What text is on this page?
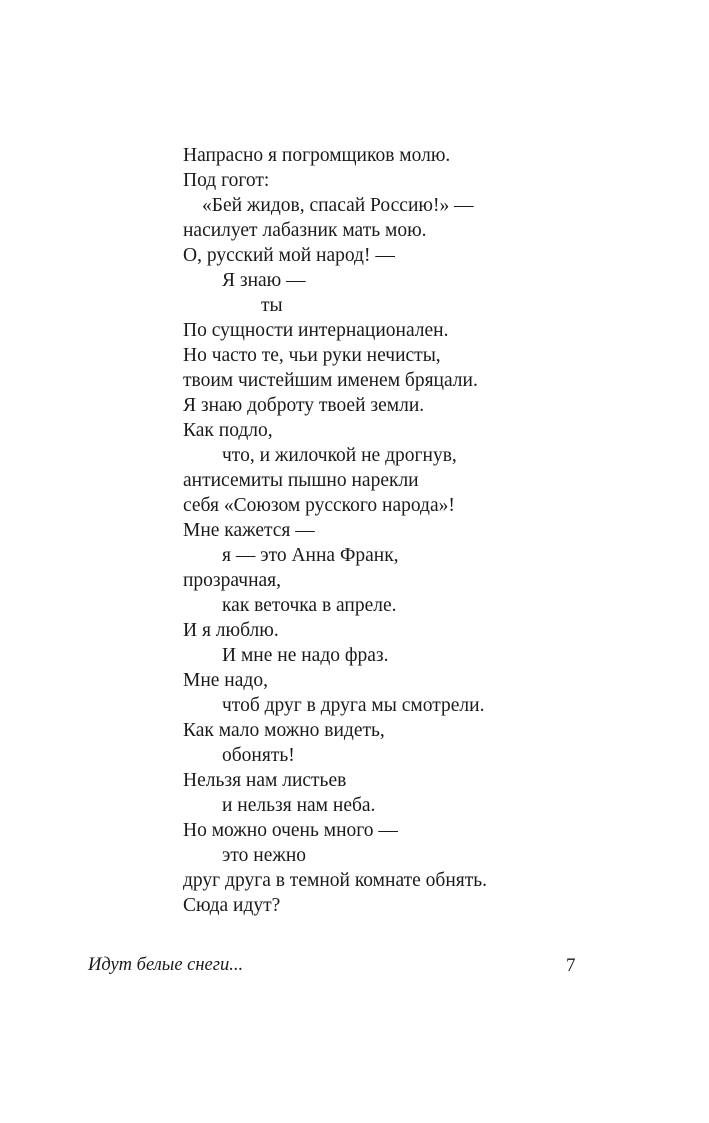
Напрасно я погромщиков молю.
Под гогот:
«Бей жидов, спасай Россию!» —
насилует лабазник мать мою.
О, русский мой народ! —
Я знаю —
ты
По сущности интернационален.
Но часто те, чьи руки нечисты,
твоим чистейшим именем бряцали.
Я знаю доброту твоей земли.
Как подло,
что, и жилочкой не дрогнув,
антисемиты пышно нарекли
себя «Союзом русского народа»!
Мне кажется —
я — это Анна Франк,
прозрачная,
как веточка в апреле.
И я люблю.
И мне не надо фраз.
Мне надо,
чтоб друг в друга мы смотрели.
Как мало можно видеть,
обонять!
Нельзя нам листьев
и нельзя нам неба.
Но можно очень много —
это нежно
друг друга в темной комнате обнять.
Сюда идут?
Идут белые снеги...	7
